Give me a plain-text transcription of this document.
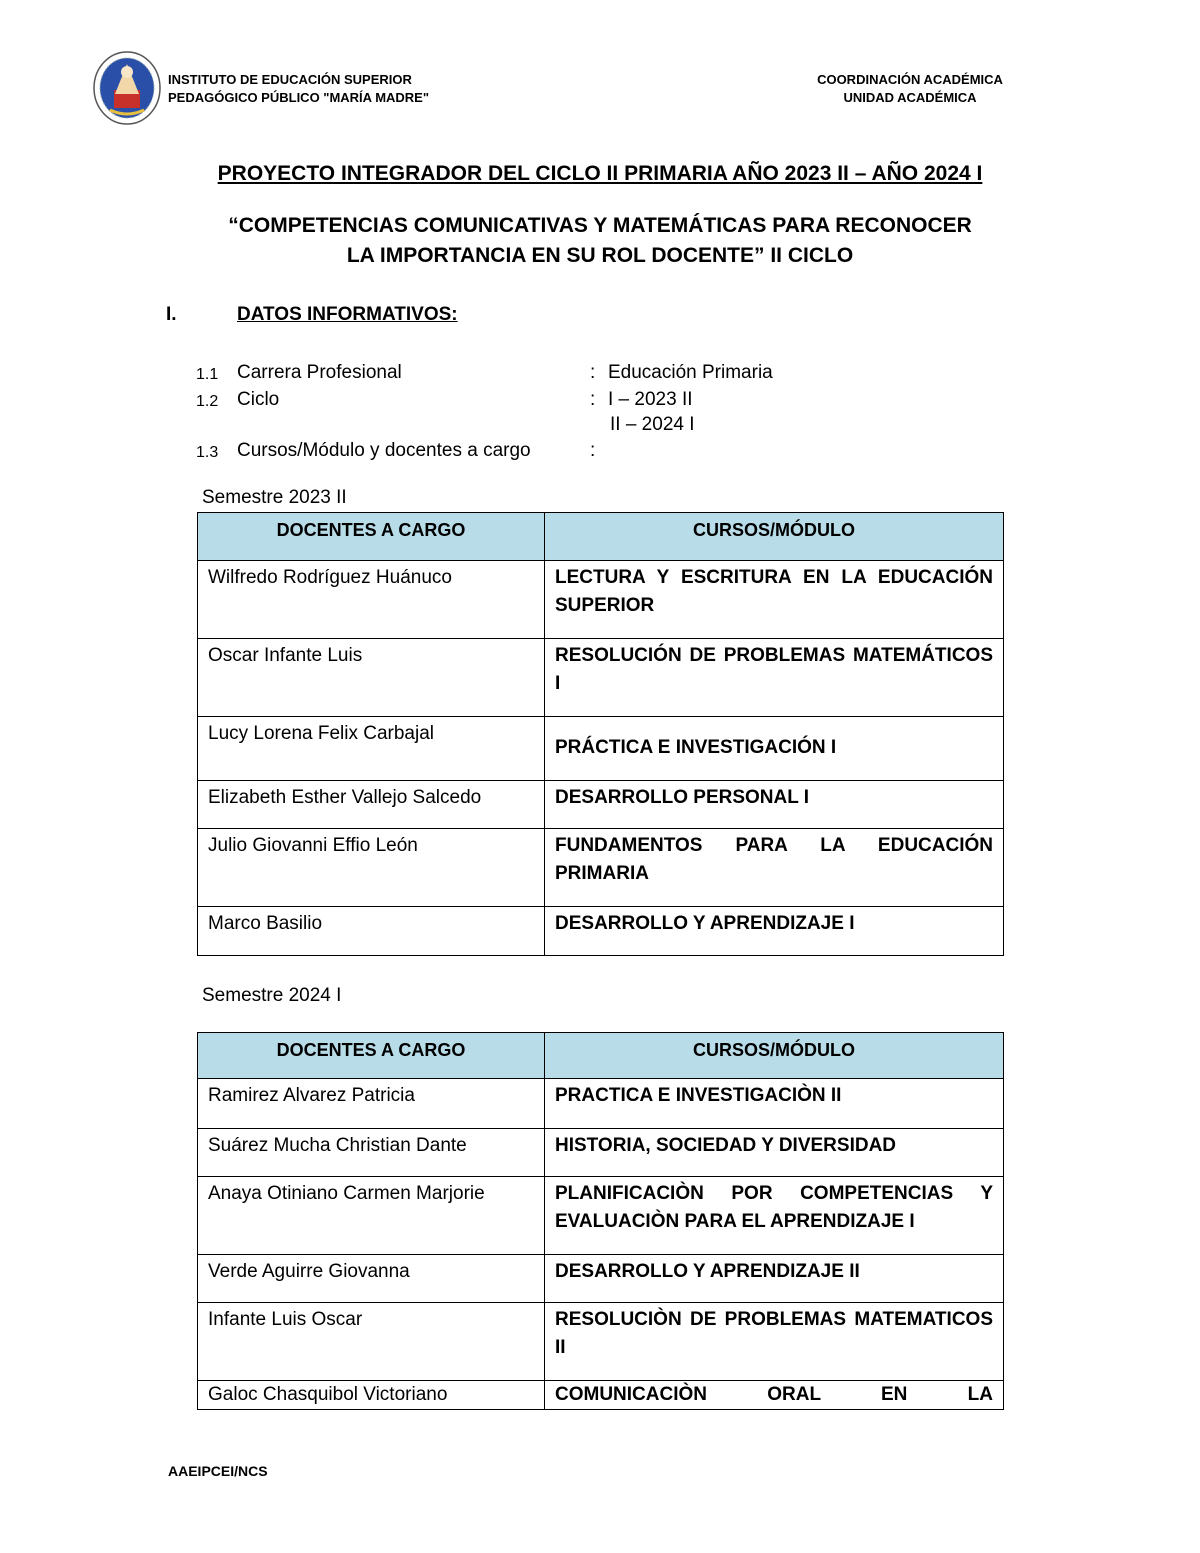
INSTITUTO DE EDUCACIÓN SUPERIOR
PEDAGÓGICO PÚBLICO "MARÍA MADRE"
COORDINACIÓN ACADÉMICA
UNIDAD ACADÉMICA
PROYECTO INTEGRADOR DEL CICLO II PRIMARIA AÑO 2023 II – AÑO 2024 I
“COMPETENCIAS COMUNICATIVAS Y MATEMÁTICAS PARA RECONOCER
LA IMPORTANCIA EN SU ROL DOCENTE” II CICLO
I.	DATOS INFORMATIVOS:
1.1 Carrera Profesional	: Educación Primaria
1.2 Ciclo	: I – 2023 II
II – 2024 I
1.3 Cursos/Módulo y docentes a cargo	:
Semestre 2023 II
DOCENTES A CARGO	CURSOS/MÓDULO
Wilfredo Rodríguez Huánuco	LECTURA Y ESCRITURA EN LA EDUCACIÓN SUPERIOR
Oscar Infante Luis	RESOLUCIÓN DE PROBLEMAS MATEMÁTICOS I
Lucy Lorena Felix Carbajal	PRÁCTICA E INVESTIGACIÓN I
Elizabeth Esther Vallejo Salcedo	DESARROLLO PERSONAL I
Julio Giovanni Effio León	FUNDAMENTOS PARA LA EDUCACIÓN PRIMARIA
Marco Basilio	DESARROLLO Y APRENDIZAJE I
Semestre 2024 I
DOCENTES A CARGO	CURSOS/MÓDULO
Ramirez Alvarez Patricia	PRACTICA E INVESTIGACIÒN II
Suárez Mucha Christian Dante	HISTORIA, SOCIEDAD Y DIVERSIDAD
Anaya Otiniano Carmen Marjorie	PLANIFICACIÒN POR COMPETENCIAS Y EVALUACIÒN PARA EL APRENDIZAJE I
Verde Aguirre Giovanna	DESARROLLO Y APRENDIZAJE II
Infante Luis Oscar	RESOLUCIÒN DE PROBLEMAS MATEMATICOS II
Galoc Chasquibol Victoriano	COMUNICACIÒN ORAL EN LA
AAEIPCEI/NCS
